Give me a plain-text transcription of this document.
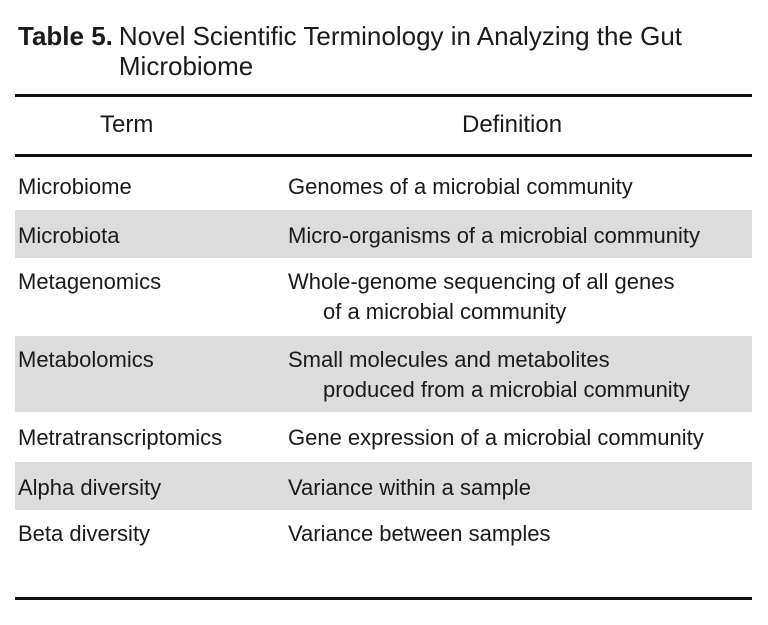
Table 5. Novel Scientific Terminology in Analyzing the Gut Microbiome
Term	Definition
Microbiome	Genomes of a microbial community
Microbiota	Micro-organisms of a microbial community
Metagenomics	Whole-genome sequencing of all genes
of a microbial community
Metabolomics	Small molecules and metabolites
produced from a microbial community
Metratranscriptomics	Gene expression of a microbial community
Alpha diversity	Variance within a sample
Beta diversity	Variance between samples
